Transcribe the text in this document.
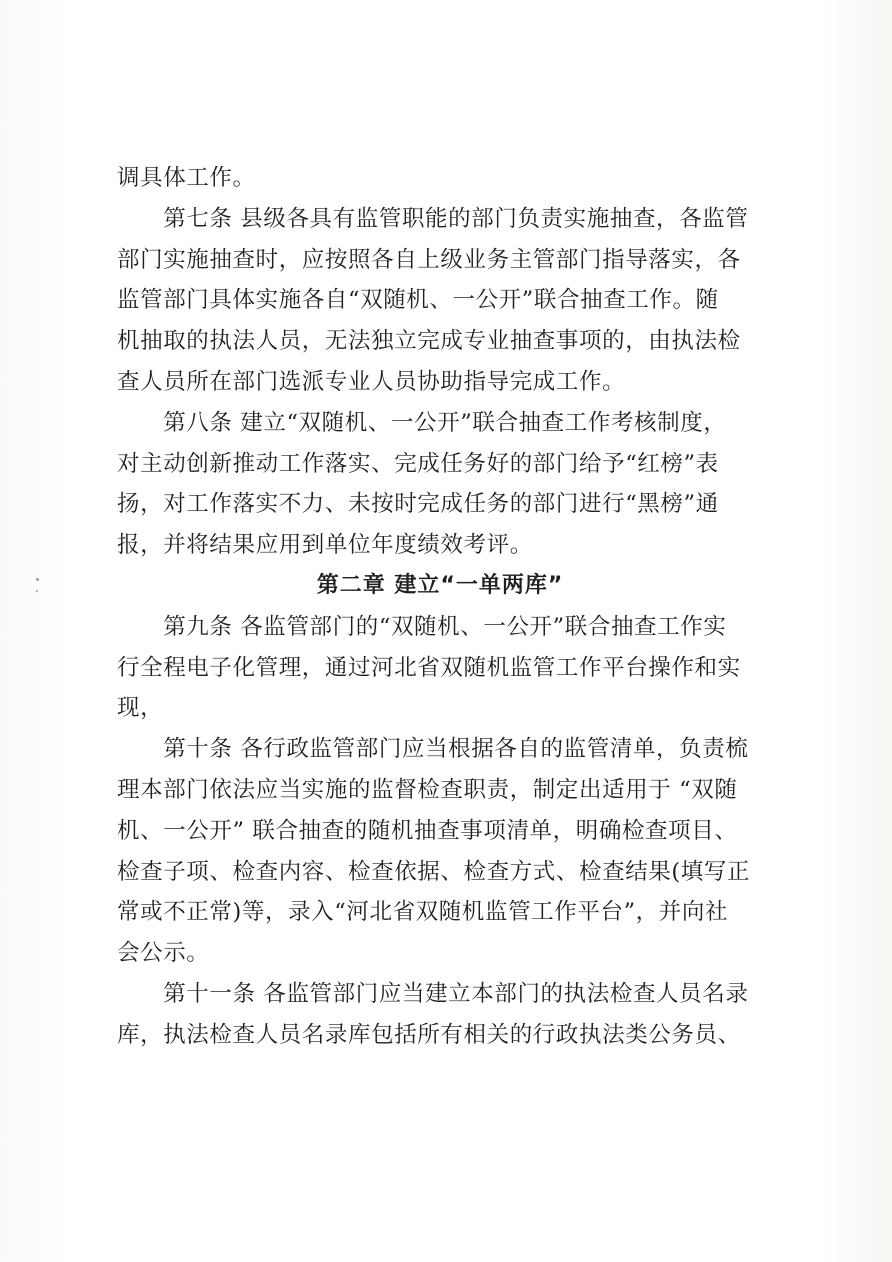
调具体工作。
　　第七条 县级各具有监管职能的部门负责实施抽查，各监管
部门实施抽查时，应按照各自上级业务主管部门指导落实，各
监管部门具体实施各自“双随机、一公开”联合抽查工作。随
机抽取的执法人员，无法独立完成专业抽查事项的，由执法检
查人员所在部门选派专业人员协助指导完成工作。
　　第八条 建立“双随机、一公开”联合抽查工作考核制度，
对主动创新推动工作落实、完成任务好的部门给予“红榜”表
扬，对工作落实不力、未按时完成任务的部门进行“黑榜”通
报，并将结果应用到单位年度绩效考评。
第二章 建立“一单两库”
　　第九条 各监管部门的“双随机、一公开”联合抽查工作实
行全程电子化管理，通过河北省双随机监管工作平台操作和实
现，
　　第十条 各行政监管部门应当根据各自的监管清单，负责梳
理本部门依法应当实施的监督检查职责，制定出适用于 “双随
机、一公开” 联合抽查的随机抽查事项清单，明确检查项目、
检查子项、检查内容、检查依据、检查方式、检查结果(填写正
常或不正常)等，录入“河北省双随机监管工作平台”，并向社
会公示。
　　第十一条 各监管部门应当建立本部门的执法检查人员名录
库，执法检查人员名录库包括所有相关的行政执法类公务员、
